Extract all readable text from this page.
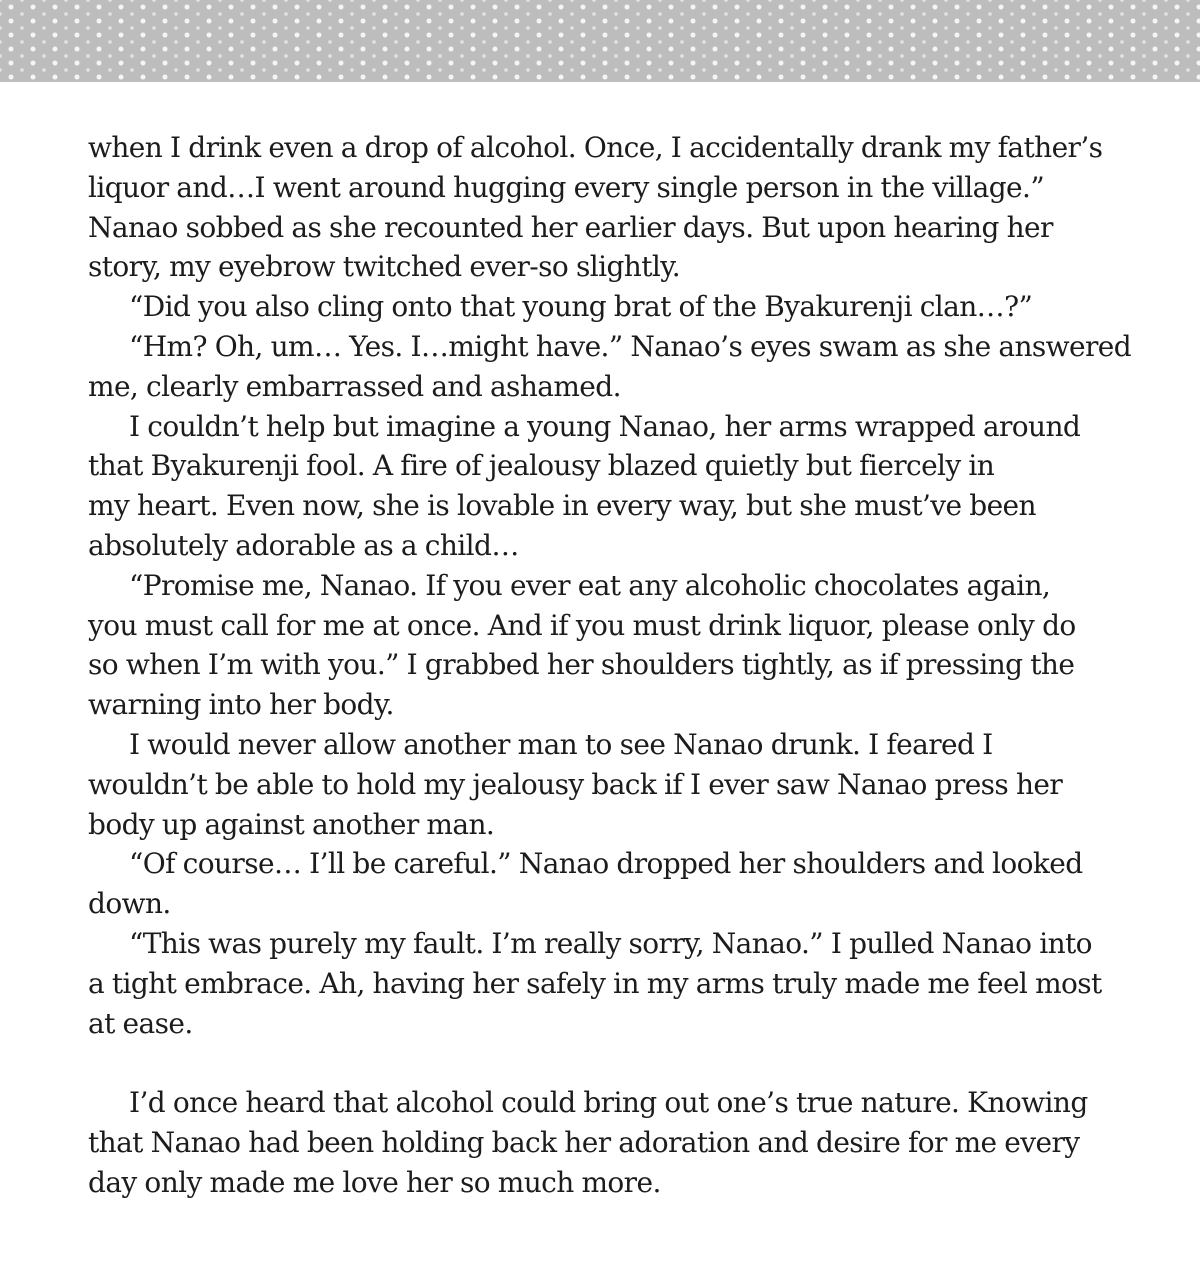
when I drink even a drop of alcohol. Once, I accidentally drank my father’s
liquor and…I went around hugging every single person in the village.”
Nanao sobbed as she recounted her earlier days. But upon hearing her
story, my eyebrow twitched ever-so slightly.
“Did you also cling onto that young brat of the Byakurenji clan…?”
“Hm? Oh, um… Yes. I…might have.” Nanao’s eyes swam as she answered
me, clearly embarrassed and ashamed.
I couldn’t help but imagine a young Nanao, her arms wrapped around
that Byakurenji fool. A fire of jealousy blazed quietly but fiercely in
my heart. Even now, she is lovable in every way, but she must’ve been
absolutely adorable as a child…
“Promise me, Nanao. If you ever eat any alcoholic chocolates again,
you must call for me at once. And if you must drink liquor, please only do
so when I’m with you.” I grabbed her shoulders tightly, as if pressing the
warning into her body.
I would never allow another man to see Nanao drunk. I feared I
wouldn’t be able to hold my jealousy back if I ever saw Nanao press her
body up against another man.
“Of course… I’ll be careful.” Nanao dropped her shoulders and looked
down.
“This was purely my fault. I’m really sorry, Nanao.” I pulled Nanao into
a tight embrace. Ah, having her safely in my arms truly made me feel most
at ease.
I’d once heard that alcohol could bring out one’s true nature. Knowing
that Nanao had been holding back her adoration and desire for me every
day only made me love her so much more.
